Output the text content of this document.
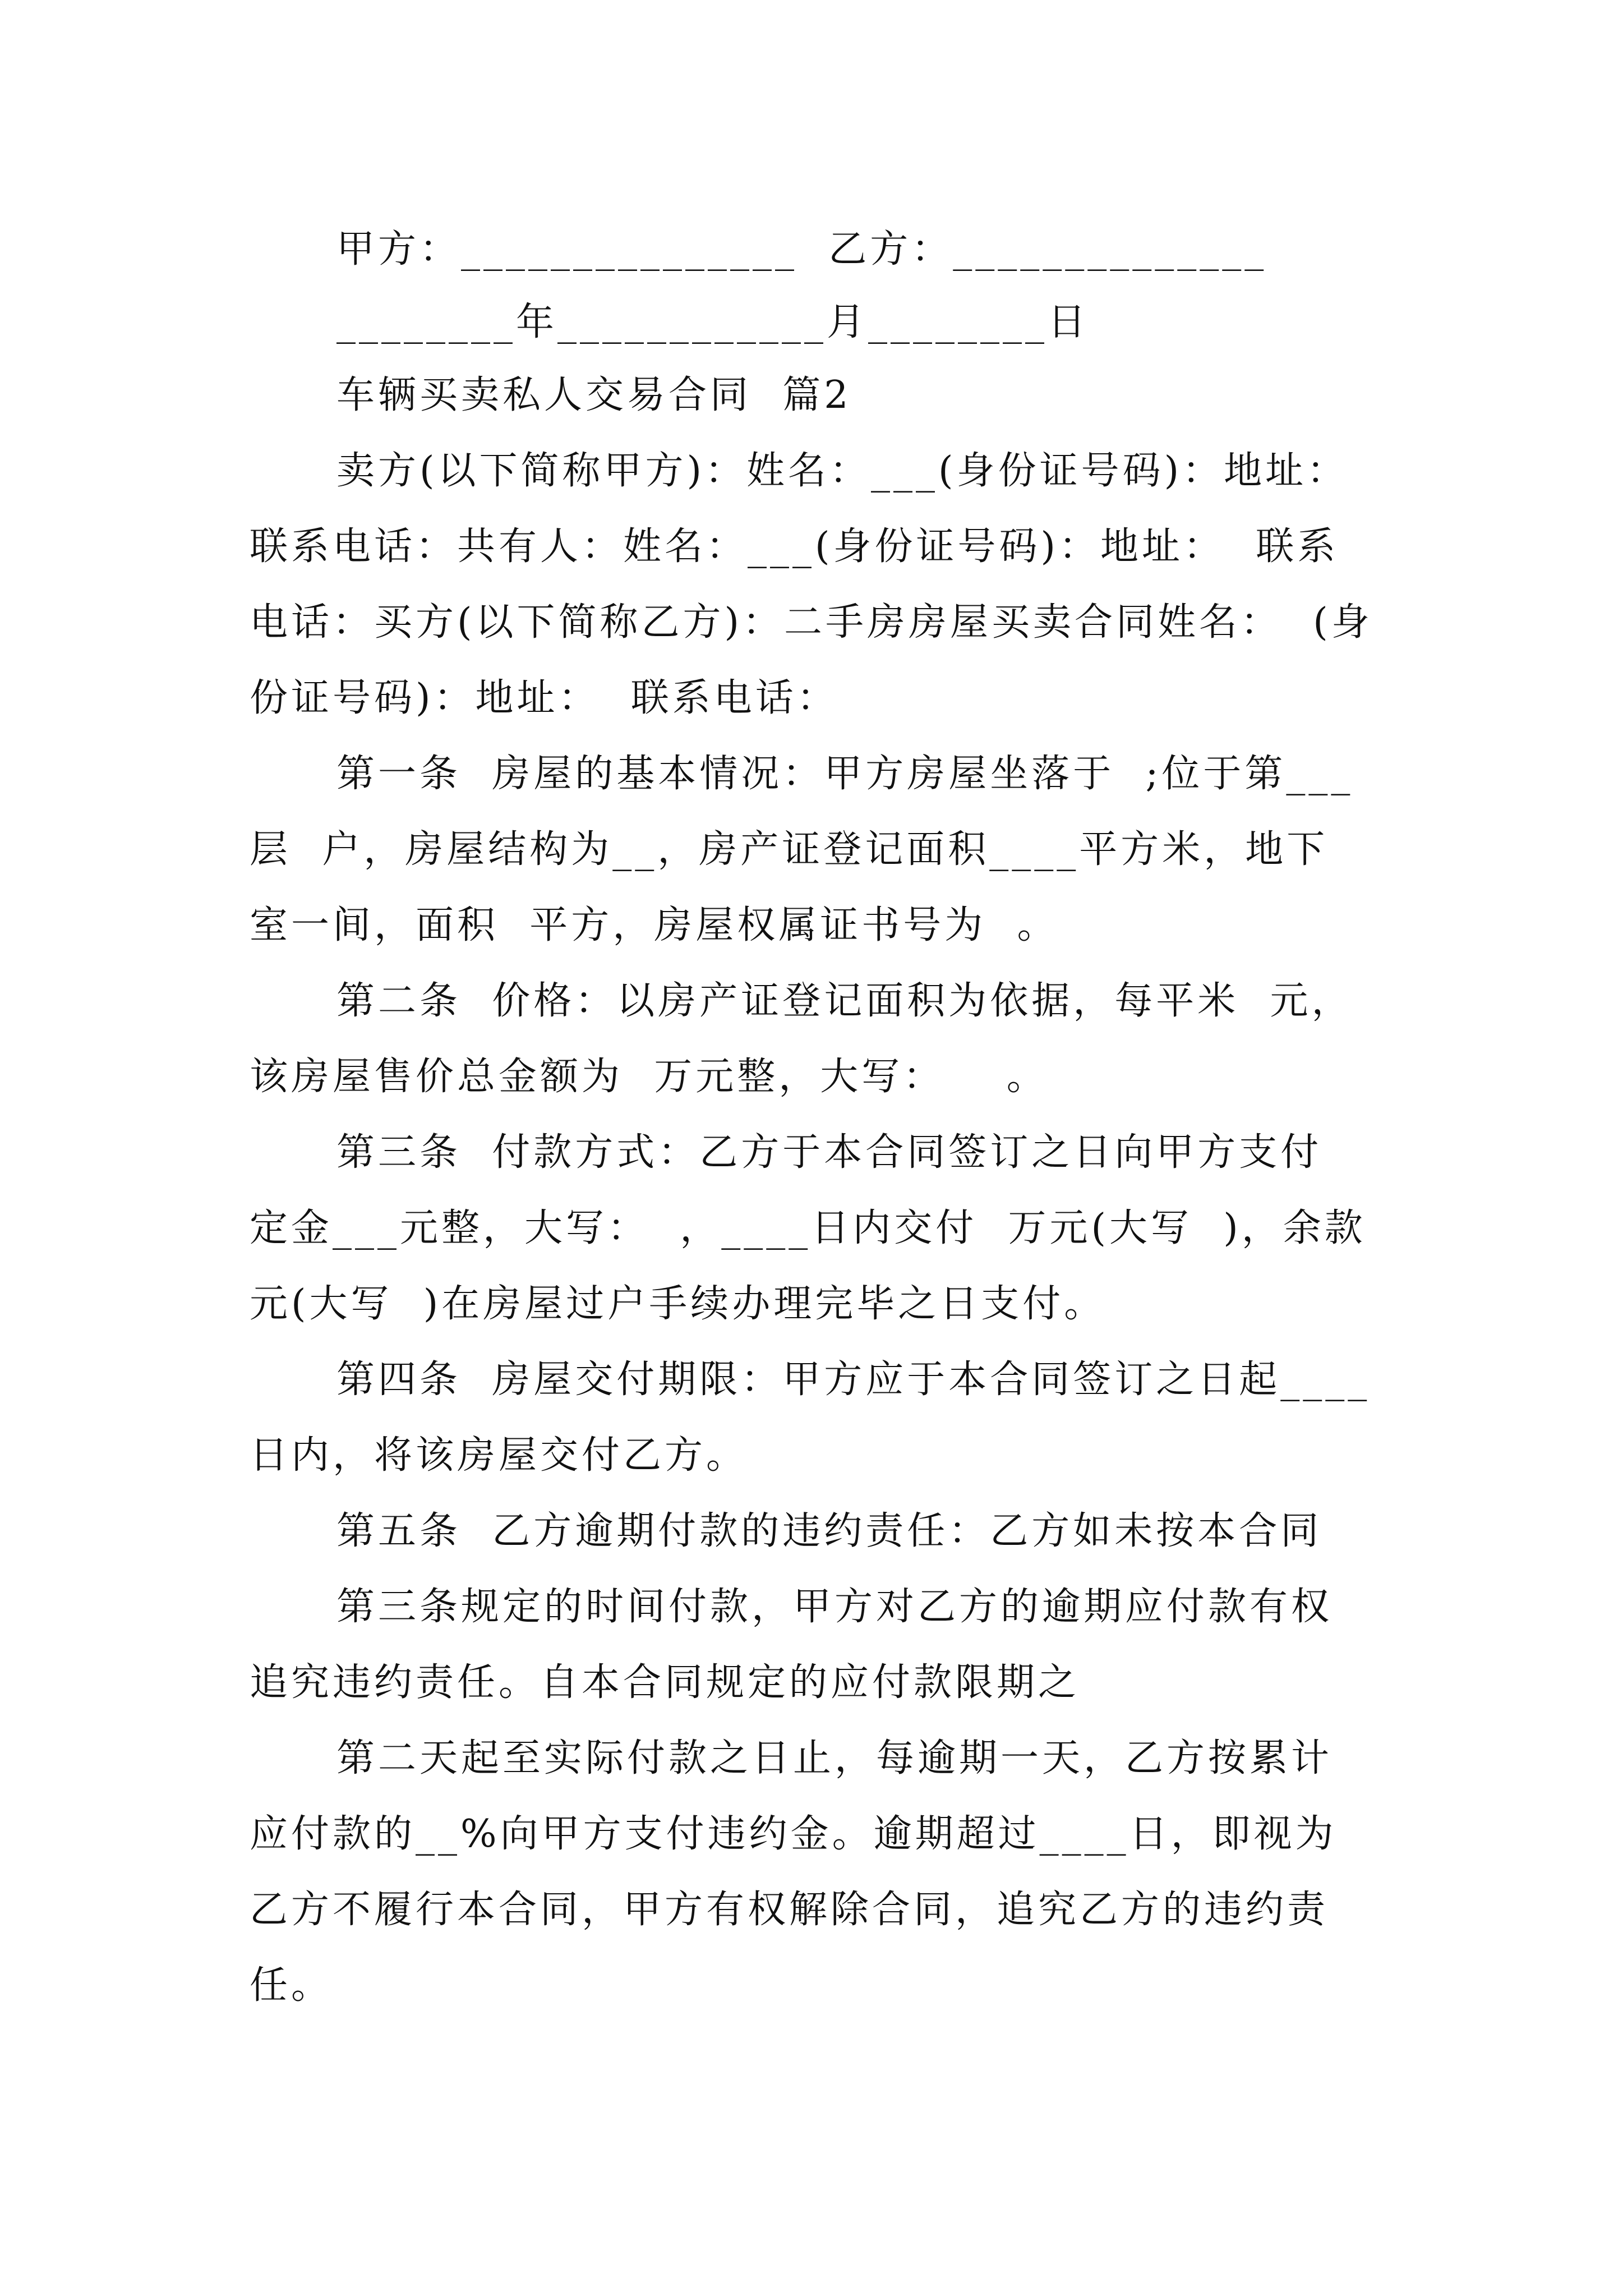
甲方：_______________  乙方：______________
________年____________月________日
车辆买卖私人交易合同  篇2
卖方(以下简称甲方)：姓名：___(身份证号码)：地址：
联系电话：共有人：姓名：___(身份证号码)：地址：  联系
电话：买方(以下简称乙方)：二手房房屋买卖合同姓名：  (身
份证号码)：地址：  联系电话：
第一条  房屋的基本情况：甲方房屋坐落于  ;位于第___
层  户，房屋结构为__，房产证登记面积____平方米，地下
室一间，面积  平方，房屋权属证书号为  。
第二条  价格：以房产证登记面积为依据，每平米  元，
该房屋售价总金额为  万元整，大写：    。
第三条  付款方式：乙方于本合同签订之日向甲方支付
定金___元整，大写：  ，____日内交付  万元(大写  )，余款
元(大写  )在房屋过户手续办理完毕之日支付。
第四条  房屋交付期限：甲方应于本合同签订之日起____
日内，将该房屋交付乙方。
第五条  乙方逾期付款的违约责任：乙方如未按本合同
第三条规定的时间付款，甲方对乙方的逾期应付款有权
追究违约责任。自本合同规定的应付款限期之
第二天起至实际付款之日止，每逾期一天，乙方按累计
应付款的__%向甲方支付违约金。逾期超过____日，即视为
乙方不履行本合同，甲方有权解除合同，追究乙方的违约责
任。
